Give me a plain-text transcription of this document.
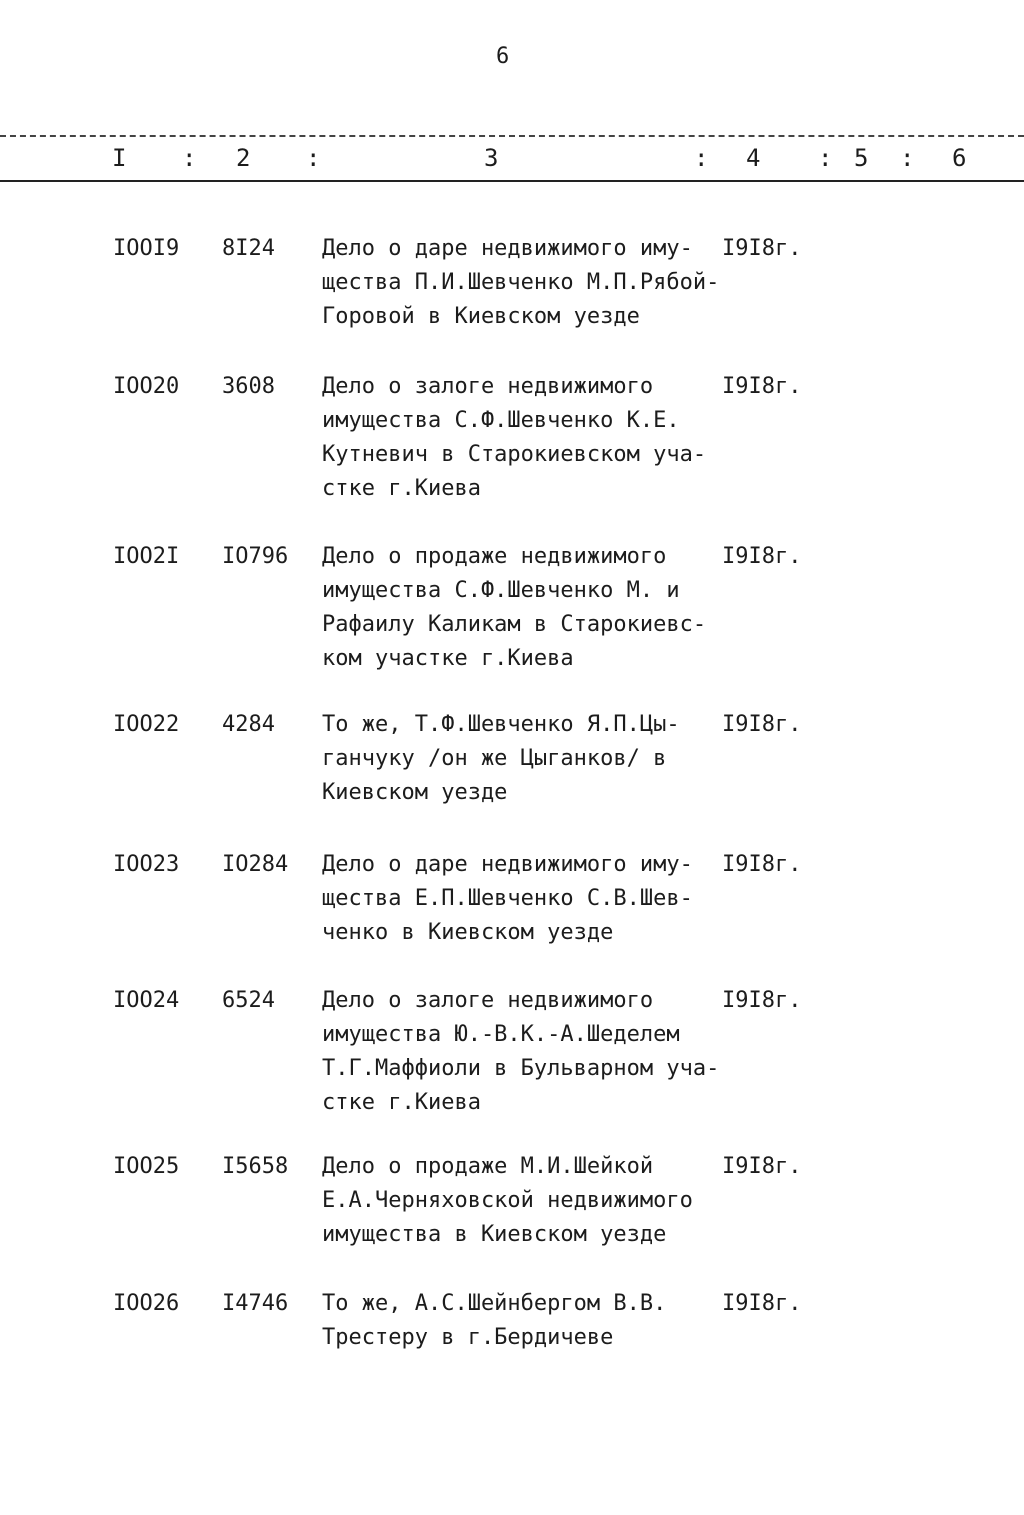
6
I : 2 :	3	: 4 : 5 : 6
IOOI9 8I24 Дело о даре недвижимого иму-
щества П.И.Шевченко М.П.Рябой-
Горовой в Киевском уезде
I9I8г.
IOO20 3608 Дело о залоге недвижимого
имущества С.Ф.Шевченко К.Е.
Кутневич в Старокиевском уча-
стке г.Киева
I9I8г.
IOO2I IO796 Дело о продаже недвижимого
имущества С.Ф.Шевченко М. и
Рафаилу Каликам в Старокиевс-
ком участке г.Киева
I9I8г.
IOO22 4284 То же, Т.Ф.Шевченко Я.П.Цы-
ганчуку /он же Цыганков/ в
Киевском уезде
I9I8г.
IOO23 IO284 Дело о даре недвижимого иму-
щества Е.П.Шевченко С.В.Шев-
ченко в Киевском уезде
I9I8г.
IOO24 6524 Дело о залоге недвижимого
имущества Ю.-В.К.-А.Шеделем
Т.Г.Маффиоли в Бульварном уча-
стке г.Киева
I9I8г.
IOO25 I5658 Дело о продаже М.И.Шейкой
Е.А.Черняховской недвижимого
имущества в Киевском уезде
I9I8г.
IOO26 I4746 То же, А.С.Шейнбергом В.В.
Трестеру в г.Бердичеве
I9I8г.
